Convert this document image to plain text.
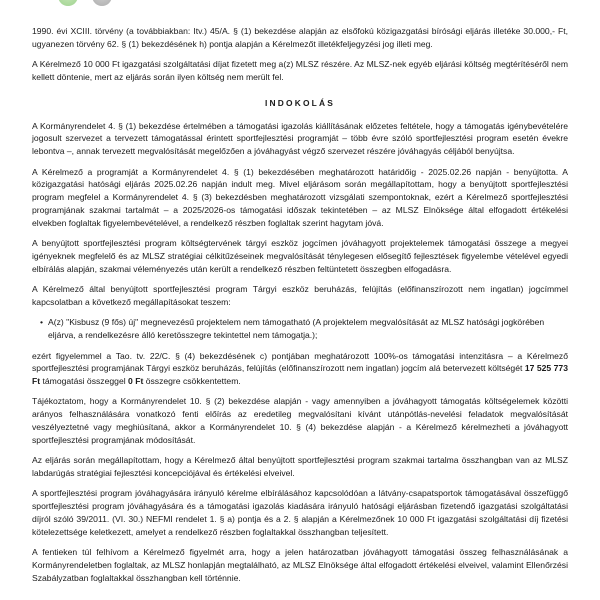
1990. évi XCIII. törvény (a továbbiakban: Itv.) 45/A. § (1) bekezdése alapján az elsőfokú közigazgatási bírósági eljárás illetéke 30.000,- Ft, ugyanezen törvény 62. § (1) bekezdésének h) pontja alapján a Kérelmezőt illetékfeljegyzési jog illeti meg.

A Kérelmező 10 000 Ft igazgatási szolgáltatási díjat fizetett meg a(z) MLSZ részére. Az MLSZ-nek egyéb eljárási költség megtérítéséről nem kellett döntenie, mert az eljárás során ilyen költség nem merült fel.

INDOKOLÁS

A Kormányrendelet 4. § (1) bekezdése értelmében a támogatási igazolás kiállításának előzetes feltétele, hogy a támogatás igénybevételére jogosult szervezet a tervezett támogatással érintett sportfejlesztési programját – több évre szóló sportfejlesztési program esetén évekre lebontva –, annak tervezett megvalósítását megelőzően a jóváhagyást végző szervezet részére jóváhagyás céljából benyújtsa.

A Kérelmező a programját a Kormányrendelet 4. § (1) bekezdésében meghatározott határidőig - 2025.02.26 napján - benyújtotta. A közigazgatási hatósági eljárás 2025.02.26 napján indult meg. Mivel eljárásom során megállapítottam, hogy a benyújtott sportfejlesztési program megfelel a Kormányrendelet 4. § (3) bekezdésben meghatározott vizsgálati szempontoknak, ezért a Kérelmező sportfejlesztési programjának szakmai tartalmát – a 2025/2026-os támogatási időszak tekintetében – az MLSZ Elnöksége által elfogadott értékelési elvekben foglaltak figyelembevételével, a rendelkező részben foglaltak szerint hagytam jóvá.

A benyújtott sportfejlesztési program költségtervének tárgyi eszköz jogcímen jóváhagyott projektelemek támogatási összege a megyei igényeknek megfelelő és az MLSZ stratégiai célkitűzéseinek megvalósítását ténylegesen elősegítő fejlesztések figyelembe vételével egyedi elbírálás alapján, szakmai véleményezés után került a rendelkező részben feltüntetett összegben elfogadásra.

A Kérelmező által benyújtott sportfejlesztési program Tárgyi eszköz beruházás, felújítás (előfinanszírozott nem ingatlan) jogcímmel kapcsolatban a következő megállapításokat teszem:

• A(z) "Kisbusz (9 fős) új" megnevezésű projektelem nem támogatható (A projektelem megvalósítását az MLSZ hatósági jogkörében eljárva, a rendelkezésre álló keretösszegre tekintettel nem támogatja.);

ezért figyelemmel a Tao. tv. 22/C. § (4) bekezdésének c) pontjában meghatározott 100%-os támogatási intenzitásra – a Kérelmező sportfejlesztési programjának Tárgyi eszköz beruházás, felújítás (előfinanszírozott nem ingatlan) jogcím alá betervezett költségét 17 525 773 Ft támogatási összeggel 0 Ft összegre csökkentettem.

Tájékoztatom, hogy a Kormányrendelet 10. § (2) bekezdése alapján - vagy amennyiben a jóváhagyott támogatás költségelemek közötti arányos felhasználására vonatkozó fenti előírás az eredetileg megvalósítani kívánt utánpótlás-nevelési feladatok megvalósítását veszélyeztetné vagy meghiúsítaná, akkor a Kormányrendelet 10. § (4) bekezdése alapján - a Kérelmező kérelmezheti a jóváhagyott sportfejlesztési programjának módosítását.

Az eljárás során megállapítottam, hogy a Kérelmező által benyújtott sportfejlesztési program szakmai tartalma összhangban van az MLSZ labdarúgás stratégiai fejlesztési koncepciójával és értékelési elveivel.

A sportfejlesztési program jóváhagyására irányuló kérelme elbírálásához kapcsolódóan a látvány-csapatsportok támogatásával összefüggő sportfejlesztési program jóváhagyására és a támogatási igazolás kiadására irányuló hatósági eljárásban fizetendő igazgatási szolgáltatási díjról szóló 39/2011. (VI. 30.) NEFMI rendelet 1. § a) pontja és a 2. § alapján a Kérelmezőnek 10 000 Ft igazgatási szolgáltatási díj fizetési kötelezettsége keletkezett, amelyet a rendelkező részben foglaltakkal összhangban teljesített.

A fentieken túl felhívom a Kérelmező figyelmét arra, hogy a jelen határozatban jóváhagyott támogatási összeg felhasználásának a Kormányrendeletben foglaltak, az MLSZ honlapján megtalálható, az MLSZ Elnöksége által elfogadott értékelési elveivel, valamint Ellenőrzési Szabályzatban foglaltakkal összhangban kell történnie.
